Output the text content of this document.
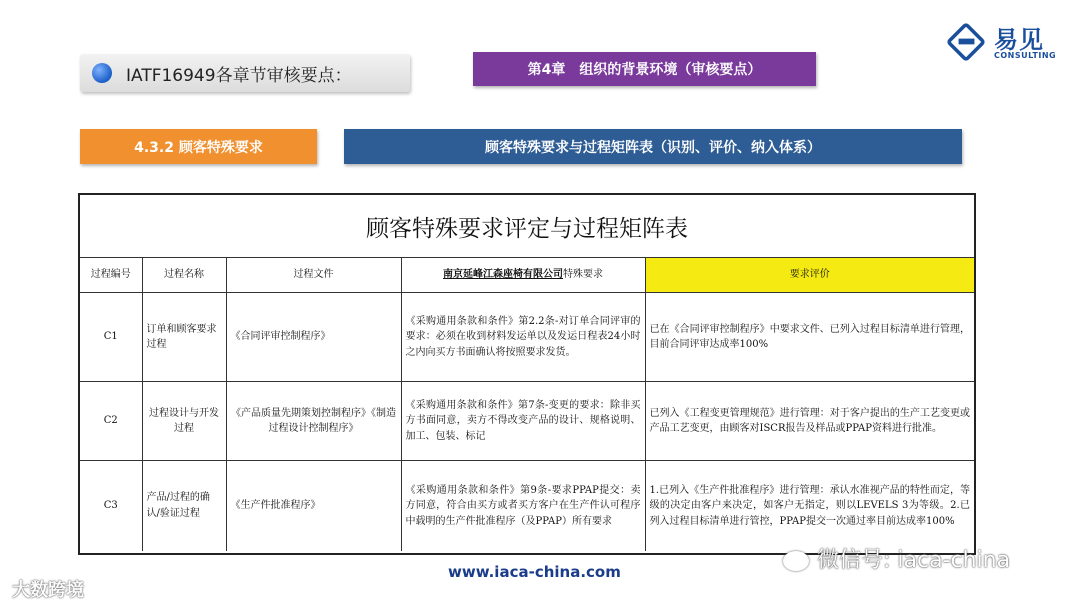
IATF16949各章节审核要点：	第4章　组织的背景环境（审核要点）
易见
CONSULTING
4.3.2 顾客特殊要求	顾客特殊要求与过程矩阵表（识别、评价、纳入体系）
顾客特殊要求评定与过程矩阵表
过程编号	过程名称	过程文件	南京延峰江森座椅有限公司特殊要求	要求评价
C1	订单和顾客要求过程	《合同评审控制程序》	《采购通用条款和条件》第2.2条-对订单合同评审的要求：必须在收到材料发运单以及发运日程表24小时之内向买方书面确认将按照要求发货。	已在《合同评审控制程序》中要求文件、已列入过程目标清单进行管理，目前合同评审达成率100%
C2	过程设计与开发过程	《产品质量先期策划控制程序》《制造过程设计控制程序》	《采购通用条款和条件》第7条-变更的要求：除非买方书面同意，卖方不得改变产品的设计、规格说明、加工、包装、标记	已列入《工程变更管理规范》进行管理：对于客户提出的生产工艺变更或产品工艺变更，由顾客对ISCR报告及样品或PPAP资料进行批准。
C3	产品/过程的确认/验证过程	《生产件批准程序》	《采购通用条款和条件》第9条-要求PPAP提交：卖方同意，符合由买方或者买方客户在生产件认可程序中载明的生产件批准程序（及PPAP）所有要求	1.已列入《生产件批准程序》进行管理：承认水准视产品的特性而定，等级的决定由客户来决定，如客户无指定，则以LEVELS 3为等级。2.已列入过程目标清单进行管控，PPAP提交一次通过率目前达成率100%
www.iaca-china.com	微信号: iaca-china
大数跨境
